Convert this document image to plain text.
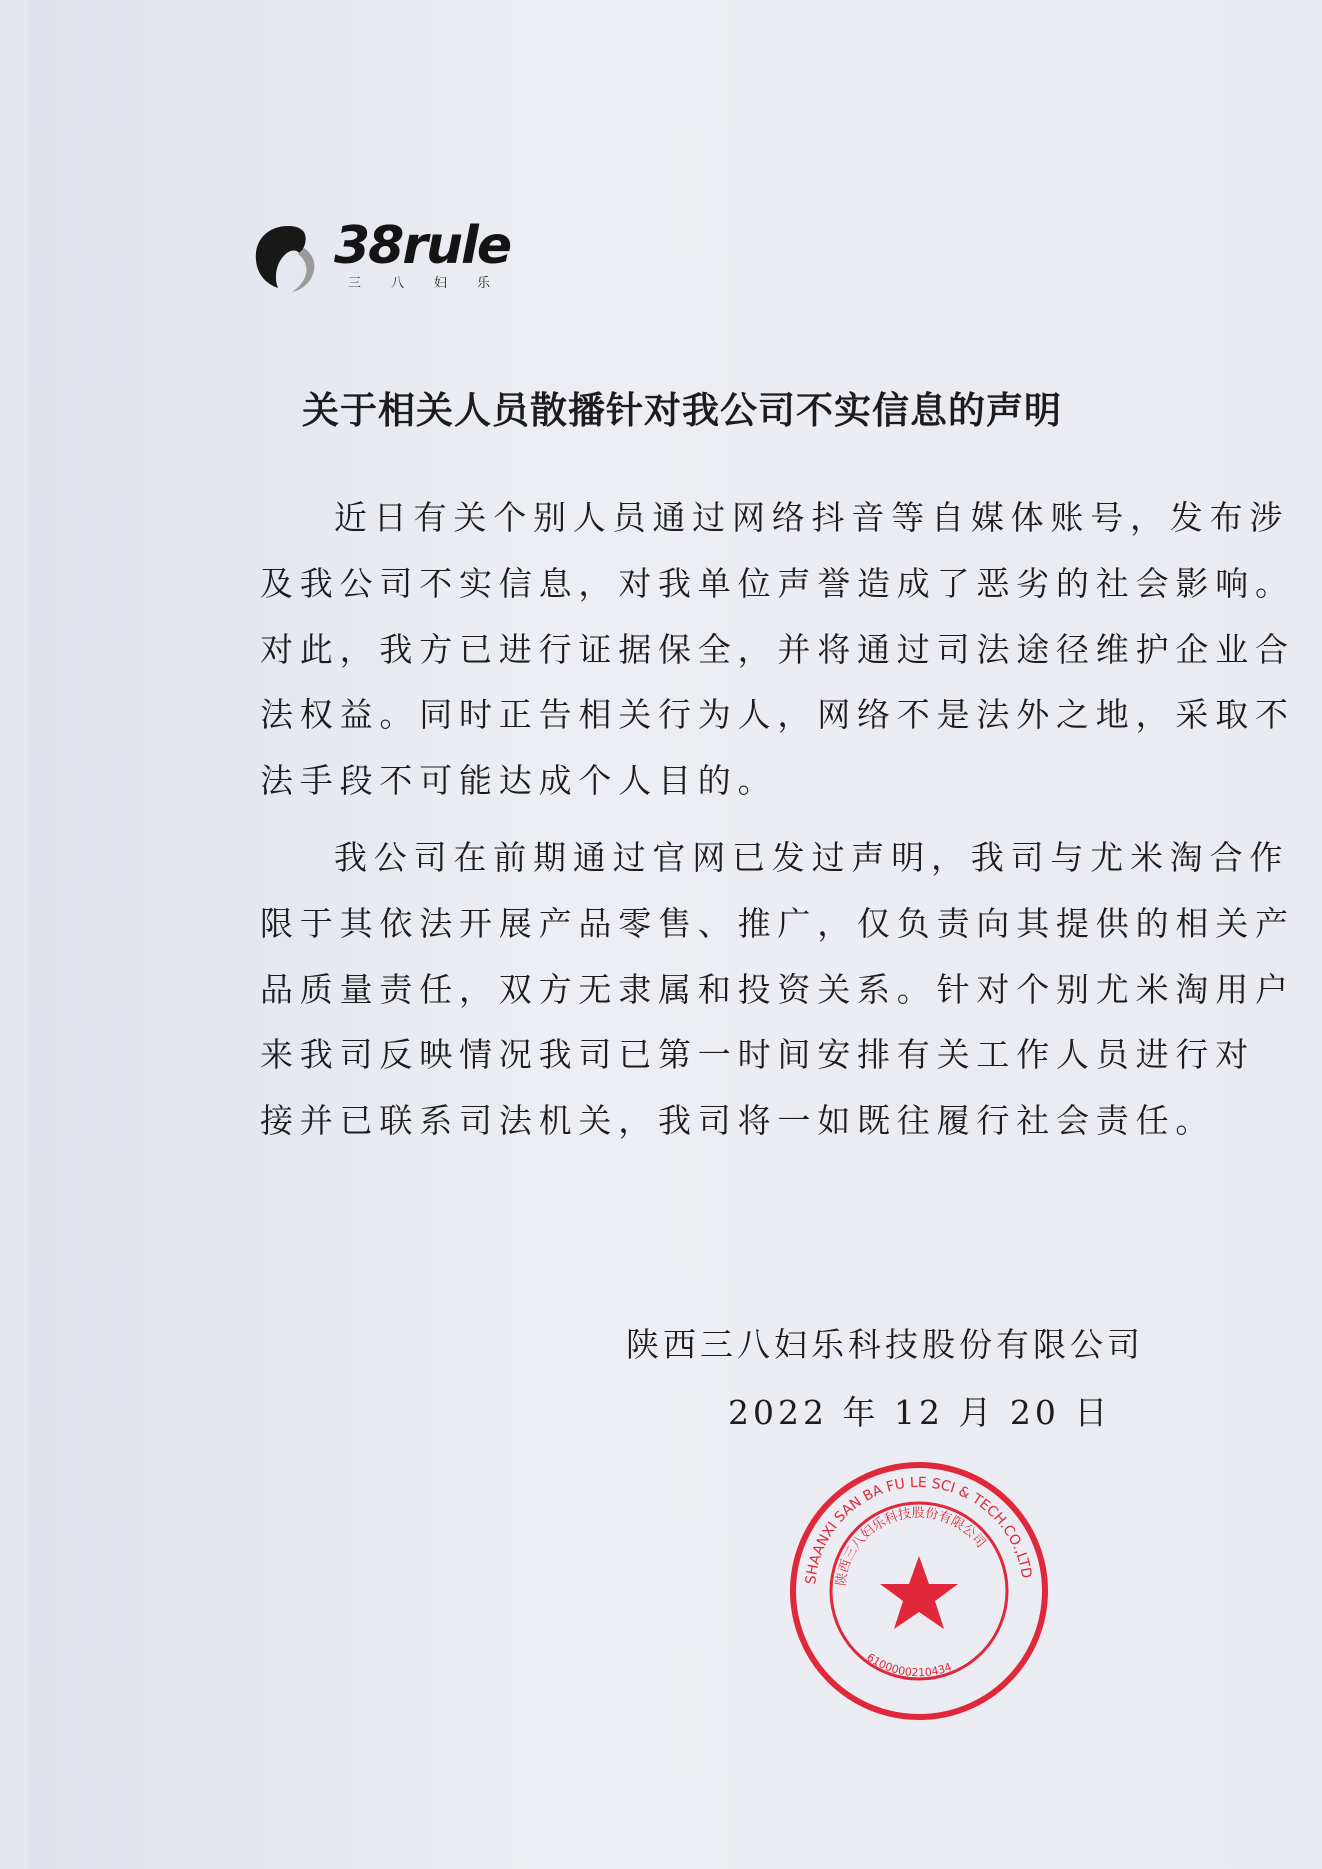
38rule
三八妇乐
关于相关人员散播针对我公司不实信息的声明
近日有关个别人员通过网络抖音等自媒体账号，发布涉
及我公司不实信息，对我单位声誉造成了恶劣的社会影响。
对此，我方已进行证据保全，并将通过司法途径维护企业合
法权益。同时正告相关行为人，网络不是法外之地，采取不
法手段不可能达成个人目的。
我公司在前期通过官网已发过声明，我司与尤米淘合作
限于其依法开展产品零售、推广，仅负责向其提供的相关产
品质量责任，双方无隶属和投资关系。针对个别尤米淘用户
来我司反映情况我司已第一时间安排有关工作人员进行对
接并已联系司法机关，我司将一如既往履行社会责任。
陕西三八妇乐科技股份有限公司
2022 年 12 月 20 日
SHAANXI SAN BA FU LE SCI & TECH.CO.,LTD
陕西三八妇乐科技股份有限公司
6100000210434
